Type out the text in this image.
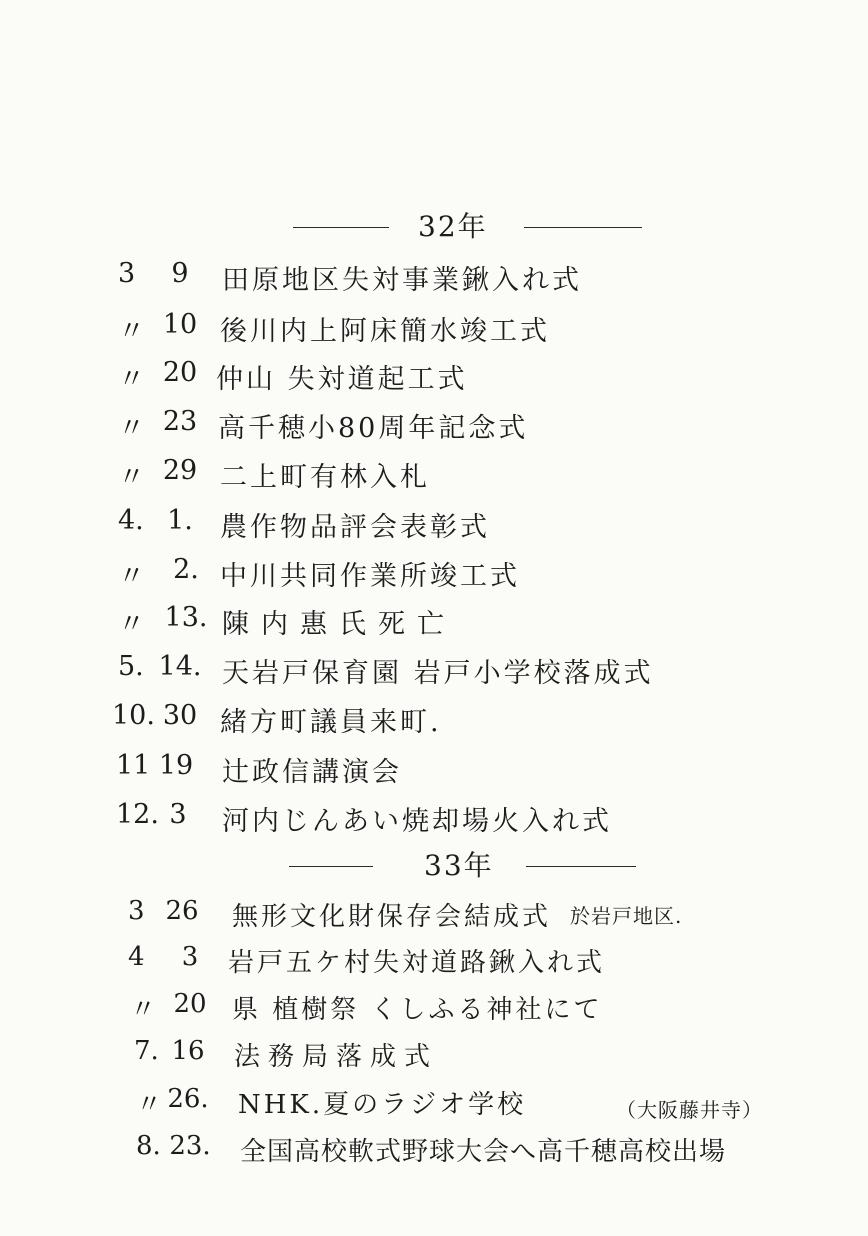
32年
3	9	田原地区失対事業鍬入れ式
〃 10 後川内上阿床簡水竣工式
〃 20 仲山 失対道起工式
〃 23 高千穂小80周年記念式
〃 29 二上町有林入札
4. 1.	農作物品評会表彰式
〃	2. 中川共同作業所竣工式
〃 13. 陳内惠氏死亡
5. 14. 天岩戸保育園 岩戸小学校落成式
10. 30 緒方町議員来町.
11 19	辻政信講演会
12. 3	河内じんあい焼却場火入れ式
33年
3 26	無形文化財保存会結成式 於岩戸地区.
4	3	岩戸五ケ村失対道路鍬入れ式
〃 20 県 植樹祭 くしふる神社にて
7. 16	法務局落成式
〃 26.	NHK.夏のラジオ学校	（大阪藤井寺）
8. 23.	全国高校軟式野球大会へ高千穂高校出場
